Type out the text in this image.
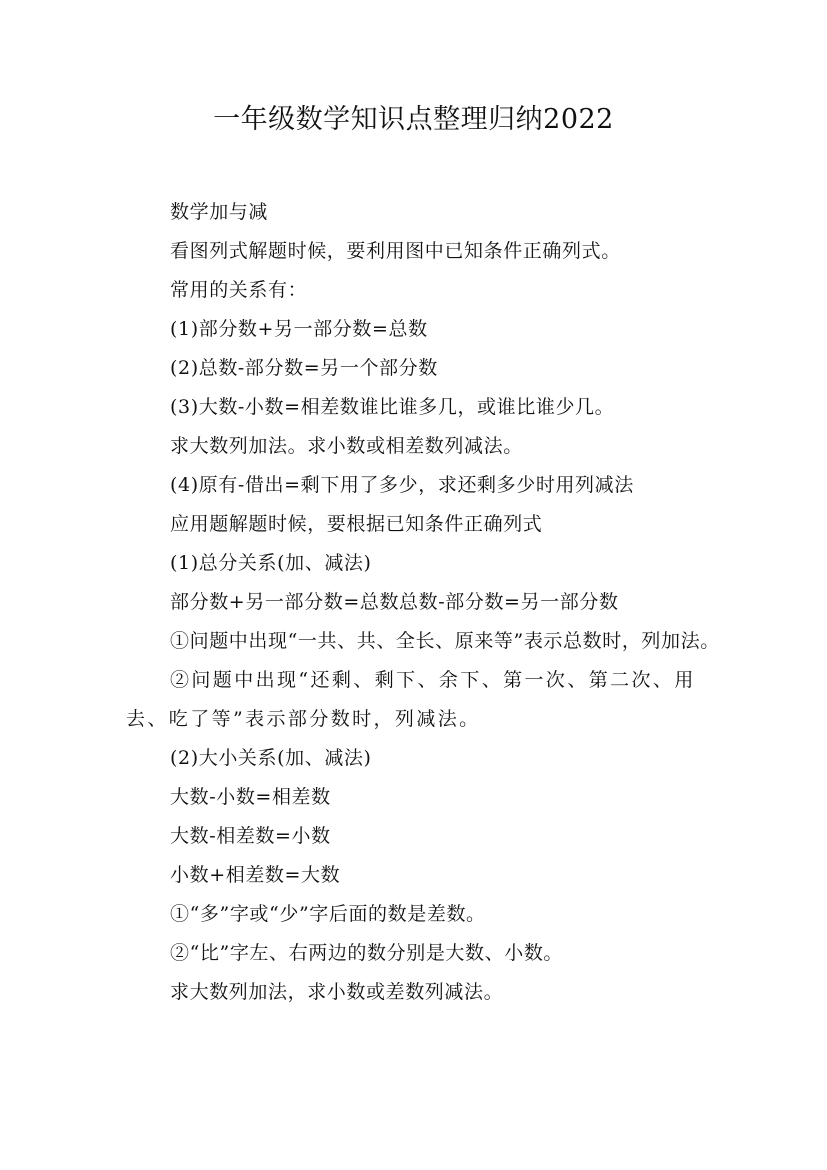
一年级数学知识点整理归纳2022

数学加与减

看图列式解题时候，要利用图中已知条件正确列式。

常用的关系有：

(1)部分数+另一部分数=总数

(2)总数-部分数=另一个部分数

(3)大数-小数=相差数谁比谁多几，或谁比谁少几。

求大数列加法。求小数或相差数列减法。

(4)原有-借出=剩下用了多少，求还剩多少时用列减法

应用题解题时候，要根据已知条件正确列式

(1)总分关系(加、减法)

部分数+另一部分数=总数总数-部分数=另一部分数

①问题中出现“一共、共、全长、原来等”表示总数时，列加法。

②问题中出现“还剩、剩下、余下、第一次、第二次、用去、吃了等”表示部分数时，列减法。

(2)大小关系(加、减法)

大数-小数=相差数

大数-相差数=小数

小数+相差数=大数

①“多”字或“少”字后面的数是差数。

②“比”字左、右两边的数分别是大数、小数。

求大数列加法，求小数或差数列减法。
